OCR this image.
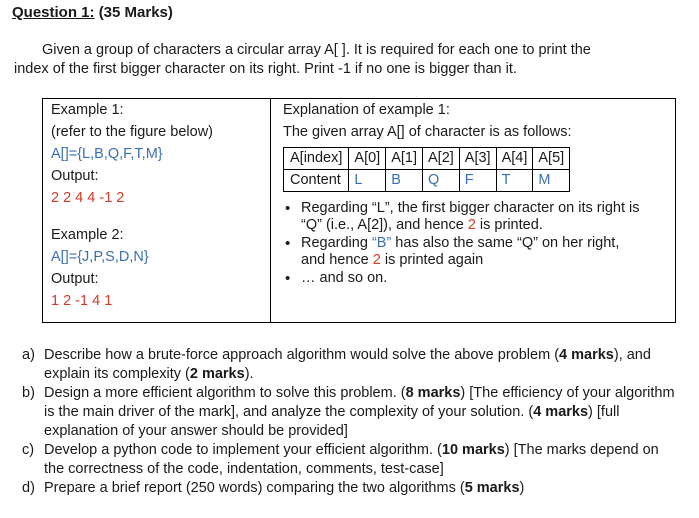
Question 1: (35 Marks)
Given a group of characters a circular array A[ ]. It is required for each one to print the
index of the first bigger character on its right. Print -1 if no one is bigger than it.
Example 1:
(refer to the figure below)
A[]={L,B,Q,F,T,M}
Output:
2 2 4 4 -1 2
Example 2:
A[]={J,P,S,D,N}
Output:
1 2 -1 4 1
Explanation of example 1:
The given array A[] of character is as follows:
A[index]	A[0]	A[1]	A[2]	A[3]	A[4]	A[5]
Content	L	B	Q	F	T	M
• Regarding “L”, the first bigger character on its right is
“Q” (i.e., A[2]), and hence 2 is printed.
• Regarding “B” has also the same “Q” on her right,
and hence 2 is printed again
• … and so on.
a) Describe how a brute-force approach algorithm would solve the above problem (4 marks), and explain its complexity (2 marks).
b) Design a more efficient algorithm to solve this problem. (8 marks) [The efficiency of your algorithm is the main driver of the mark], and analyze the complexity of your solution. (4 marks) [full explanation of your answer should be provided]
c) Develop a python code to implement your efficient algorithm. (10 marks) [The marks depend on the correctness of the code, indentation, comments, test-case]
d) Prepare a brief report (250 words) comparing the two algorithms (5 marks)
